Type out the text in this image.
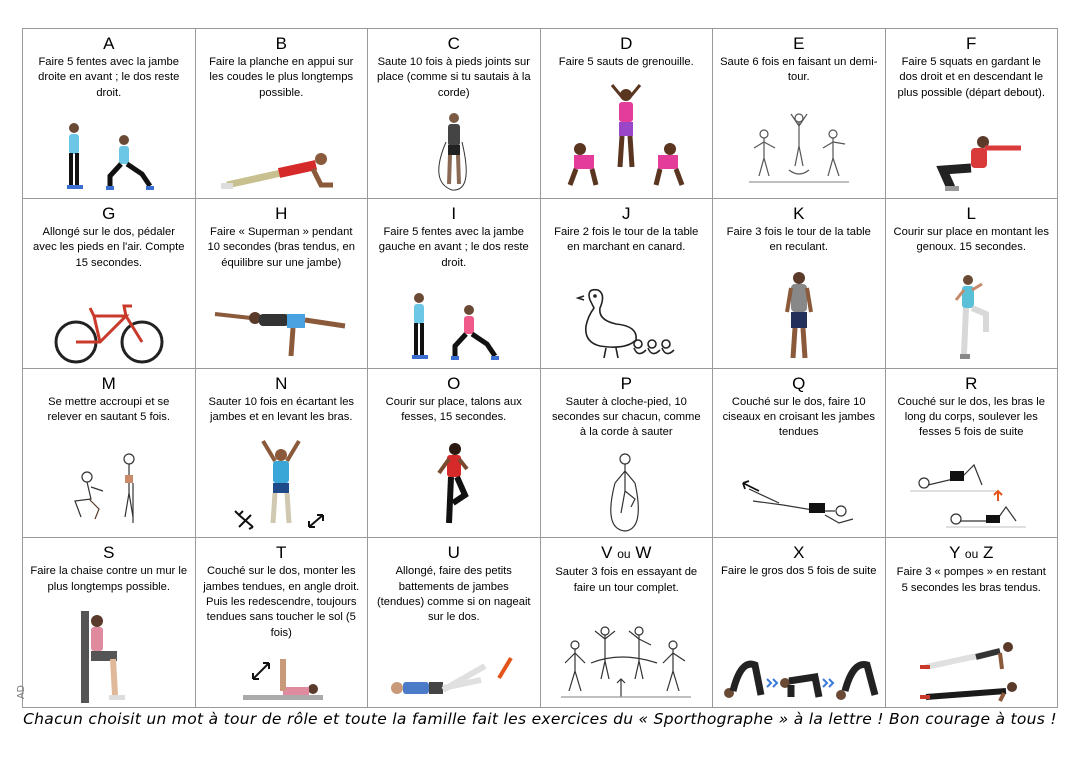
A
Faire 5 fentes avec la jambe droite en avant ; le dos reste droit.
B
Faire la planche en appui sur les coudes le plus longtemps possible.
C
Saute 10 fois à pieds joints sur place (comme si tu sautais à la corde)
D
Faire 5 sauts de grenouille.
E
Saute 6 fois en faisant un demi-tour.
F
Faire 5 squats en gardant le dos droit et en descendant le plus possible (départ debout).
G
Allongé sur le dos, pédaler avec les pieds en l'air. Compte 15 secondes.
H
Faire « Superman » pendant 10 secondes (bras tendus, en équilibre sur une jambe)
I
Faire 5 fentes avec la jambe gauche en avant ; le dos reste droit.
J
Faire 2 fois le tour de la table en marchant en canard.
K
Faire 3 fois le tour de la table en reculant.
L
Courir sur place en montant les genoux. 15 secondes.
M
Se mettre accroupi et se relever en sautant 5 fois.
N
Sauter 10 fois en écartant les jambes et en levant les bras.
O
Courir sur place, talons aux fesses, 15 secondes.
P
Sauter à cloche-pied, 10 secondes sur chacun, comme à la corde à sauter
Q
Couché sur le dos, faire 10 ciseaux en croisant les jambes tendues
R
Couché sur le dos, les bras le long du corps, soulever les fesses 5 fois de suite
S
Faire la chaise contre un mur le plus longtemps possible.
AD
T
Couché sur le dos, monter les jambes tendues, en angle droit. Puis les redescendre, toujours tendues sans toucher le sol (5 fois)
U
Allongé, faire des petits battements de jambes (tendues) comme si on nageait sur le dos.
V ou W
Sauter 3 fois en essayant de faire un tour complet.
X
Faire le gros dos 5 fois de suite
Y ou Z
Faire 3 « pompes » en restant 5 secondes les bras tendus.
Chacun choisit un mot à tour de rôle et toute la famille fait les exercices du « Sporthographe » à la lettre ! Bon courage à tous !
